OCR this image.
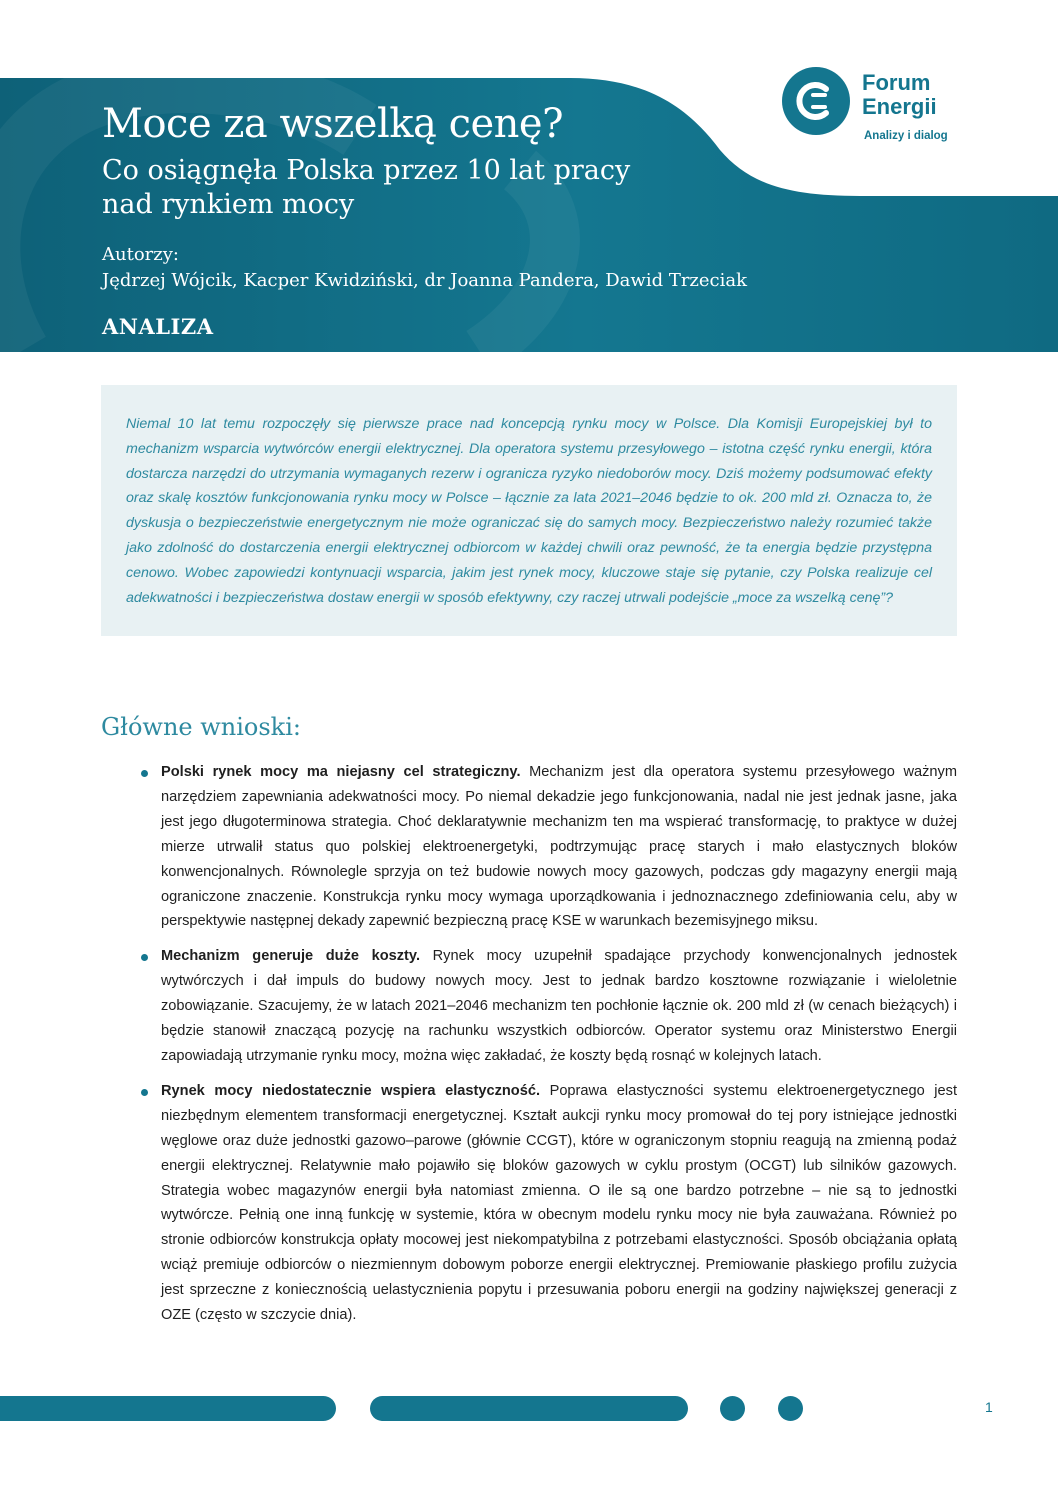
Moce za wszelką cenę?
Co osiągnęła Polska przez 10 lat pracy
nad rynkiem mocy
Autorzy:
Jędrzej Wójcik, Kacper Kwidziński, dr Joanna Pandera, Dawid Trzeciak
ANALIZA
Forum
Energii
Analizy i dialog

Niemal 10 lat temu rozpoczęły się pierwsze prace nad koncepcją rynku mocy w Polsce. Dla Komisji Europejskiej był to mechanizm wsparcia wytwórców energii elektrycznej. Dla operatora systemu przesyłowego – istotna część rynku energii, która dostarcza narzędzi do utrzymania wymaganych rezerw i ogranicza ryzyko niedoborów mocy. Dziś możemy podsumować efekty oraz skalę kosztów funkcjonowania rynku mocy w Polsce – łącznie za lata 2021–2046 będzie to ok. 200 mld zł. Oznacza to, że dyskusja o bezpieczeństwie energetycznym nie może ograniczać się do samych mocy. Bezpieczeństwo należy rozumieć także jako zdolność do dostarczenia energii elektrycznej odbiorcom w każdej chwili oraz pewność, że ta energia będzie przystępna cenowo. Wobec zapowiedzi kontynuacji wsparcia, jakim jest rynek mocy, kluczowe staje się pytanie, czy Polska realizuje cel adekwatności i bezpieczeństwa dostaw energii w sposób efektywny, czy raczej utrwali podejście „moce za wszelką cenę”?

Główne wnioski:
Polski rynek mocy ma niejasny cel strategiczny. Mechanizm jest dla operatora systemu przesyłowego ważnym narzędziem zapewniania adekwatności mocy. Po niemal dekadzie jego funkcjonowania, nadal nie jest jednak jasne, jaka jest jego długoterminowa strategia. Choć deklaratywnie mechanizm ten ma wspierać transformację, to praktyce w dużej mierze utrwalił status quo polskiej elektroenergetyki, podtrzymując pracę starych i mało elastycznych bloków konwencjonalnych. Równolegle sprzyja on też budowie nowych mocy gazowych, podczas gdy magazyny energii mają ograniczone znaczenie. Konstrukcja rynku mocy wymaga uporządkowania i jednoznacznego zdefiniowania celu, aby w perspektywie następnej dekady zapewnić bezpieczną pracę KSE w warunkach bezemisyjnego miksu.
Mechanizm generuje duże koszty. Rynek mocy uzupełnił spadające przychody konwencjonalnych jednostek wytwórczych i dał impuls do budowy nowych mocy. Jest to jednak bardzo kosztowne rozwiązanie i wieloletnie zobowiązanie. Szacujemy, że w latach 2021–2046 mechanizm ten pochłonie łącznie ok. 200 mld zł (w cenach bieżących) i będzie stanowił znaczącą pozycję na rachunku wszystkich odbiorców. Operator systemu oraz Ministerstwo Energii zapowiadają utrzymanie rynku mocy, można więc zakładać, że koszty będą rosnąć w kolejnych latach.
Rynek mocy niedostatecznie wspiera elastyczność. Poprawa elastyczności systemu elektroenergetycznego jest niezbędnym elementem transformacji energetycznej. Kształt aukcji rynku mocy promował do tej pory istniejące jednostki węglowe oraz duże jednostki gazowo–parowe (głównie CCGT), które w ograniczonym stopniu reagują na zmienną podaż energii elektrycznej. Relatywnie mało pojawiło się bloków gazowych w cyklu prostym (OCGT) lub silników gazowych. Strategia wobec magazynów energii była natomiast zmienna. O ile są one bardzo potrzebne – nie są to jednostki wytwórcze. Pełnią one inną funkcję w systemie, która w obecnym modelu rynku mocy nie była zauważana. Również po stronie odbiorców konstrukcja opłaty mocowej jest niekompatybilna z potrzebami elastyczności. Sposób obciążania opłatą wciąż premiuje odbiorców o niezmiennym dobowym poborze energii elektrycznej. Premiowanie płaskiego profilu zużycia jest sprzeczne z koniecznością uelastycznienia popytu i przesuwania poboru energii na godziny największej generacji z OZE (często w szczycie dnia).
1
